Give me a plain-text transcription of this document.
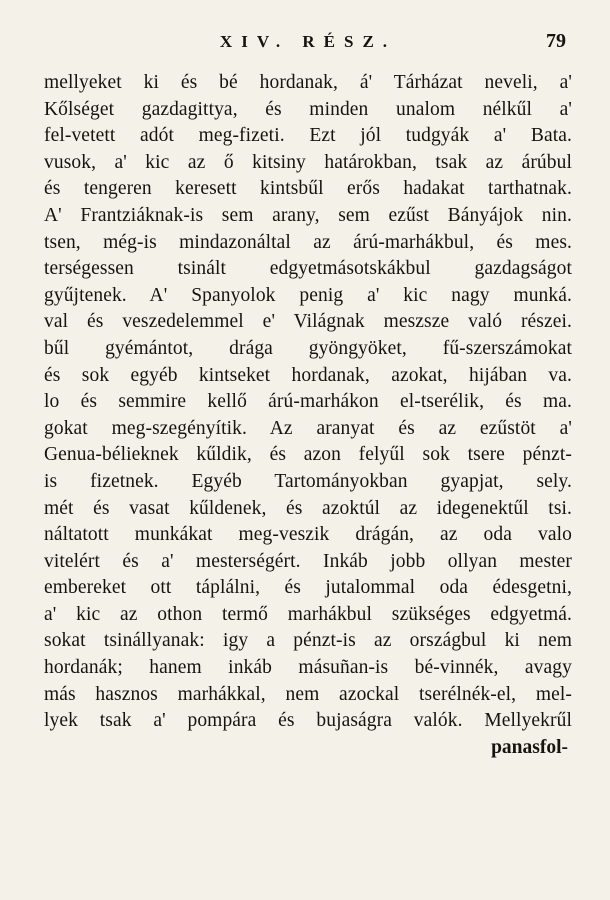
XIV. RÉSZ.	79
mellyeket ki és bé hordanak, á' Tárházat neveli, a'
Kőlséget gazdagittya, és minden unalom nélkűl a'
fel-vetett adót meg-fizeti. Ezt jól tudgyák a' Bata.
vusok, a' kic az ő kitsiny határokban, tsak az árúbul
és tengeren keresett kintsbűl erős hadakat tarthatnak.
A' Frantziáknak-is sem arany, sem ezűst Bányájok nin.
tsen, még-is mindazonáltal az árú-marhákbul, és mes.
terségessen tsinált edgyetmásotskákbul gazdagságot
gyűjtenek. A' Spanyolok penig a' kic nagy munká.
val és veszedelemmel e' Világnak meszsze való részei.
bűl gyémántot, drága gyöngyöket, fű-szerszámokat
és sok egyéb kintseket hordanak, azokat, hijában va.
lo és semmire kellő árú-marhákon el-tserélik, és ma.
gokat meg-szegényítik. Az aranyat és az ezűstöt a'
Genua-bélieknek kűldik, és azon felyűl sok tsere pénzt-
is fizetnek. Egyéb Tartományokban gyapjat, sely.
mét és vasat kűldenek, és azoktúl az idegenektűl tsi.
náltatott munkákat meg-veszik drágán, az oda valo
vitelért és a' mesterségért. Inkáb jobb ollyan mester
embereket ott táplálni, és jutalommal oda édesgetni,
a' kic az othon termő marhákbul szükséges edgyetmá.
sokat tsinállyanak: igy a pénzt-is az országbul ki nem
hordanák; hanem inkáb másuñan-is bé-vinnék, avagy
más hasznos marhákkal, nem azockal tserélnék-el, mel-
lyek tsak a' pompára és bujaságra valók. Mellyekrűl
panasfol-
